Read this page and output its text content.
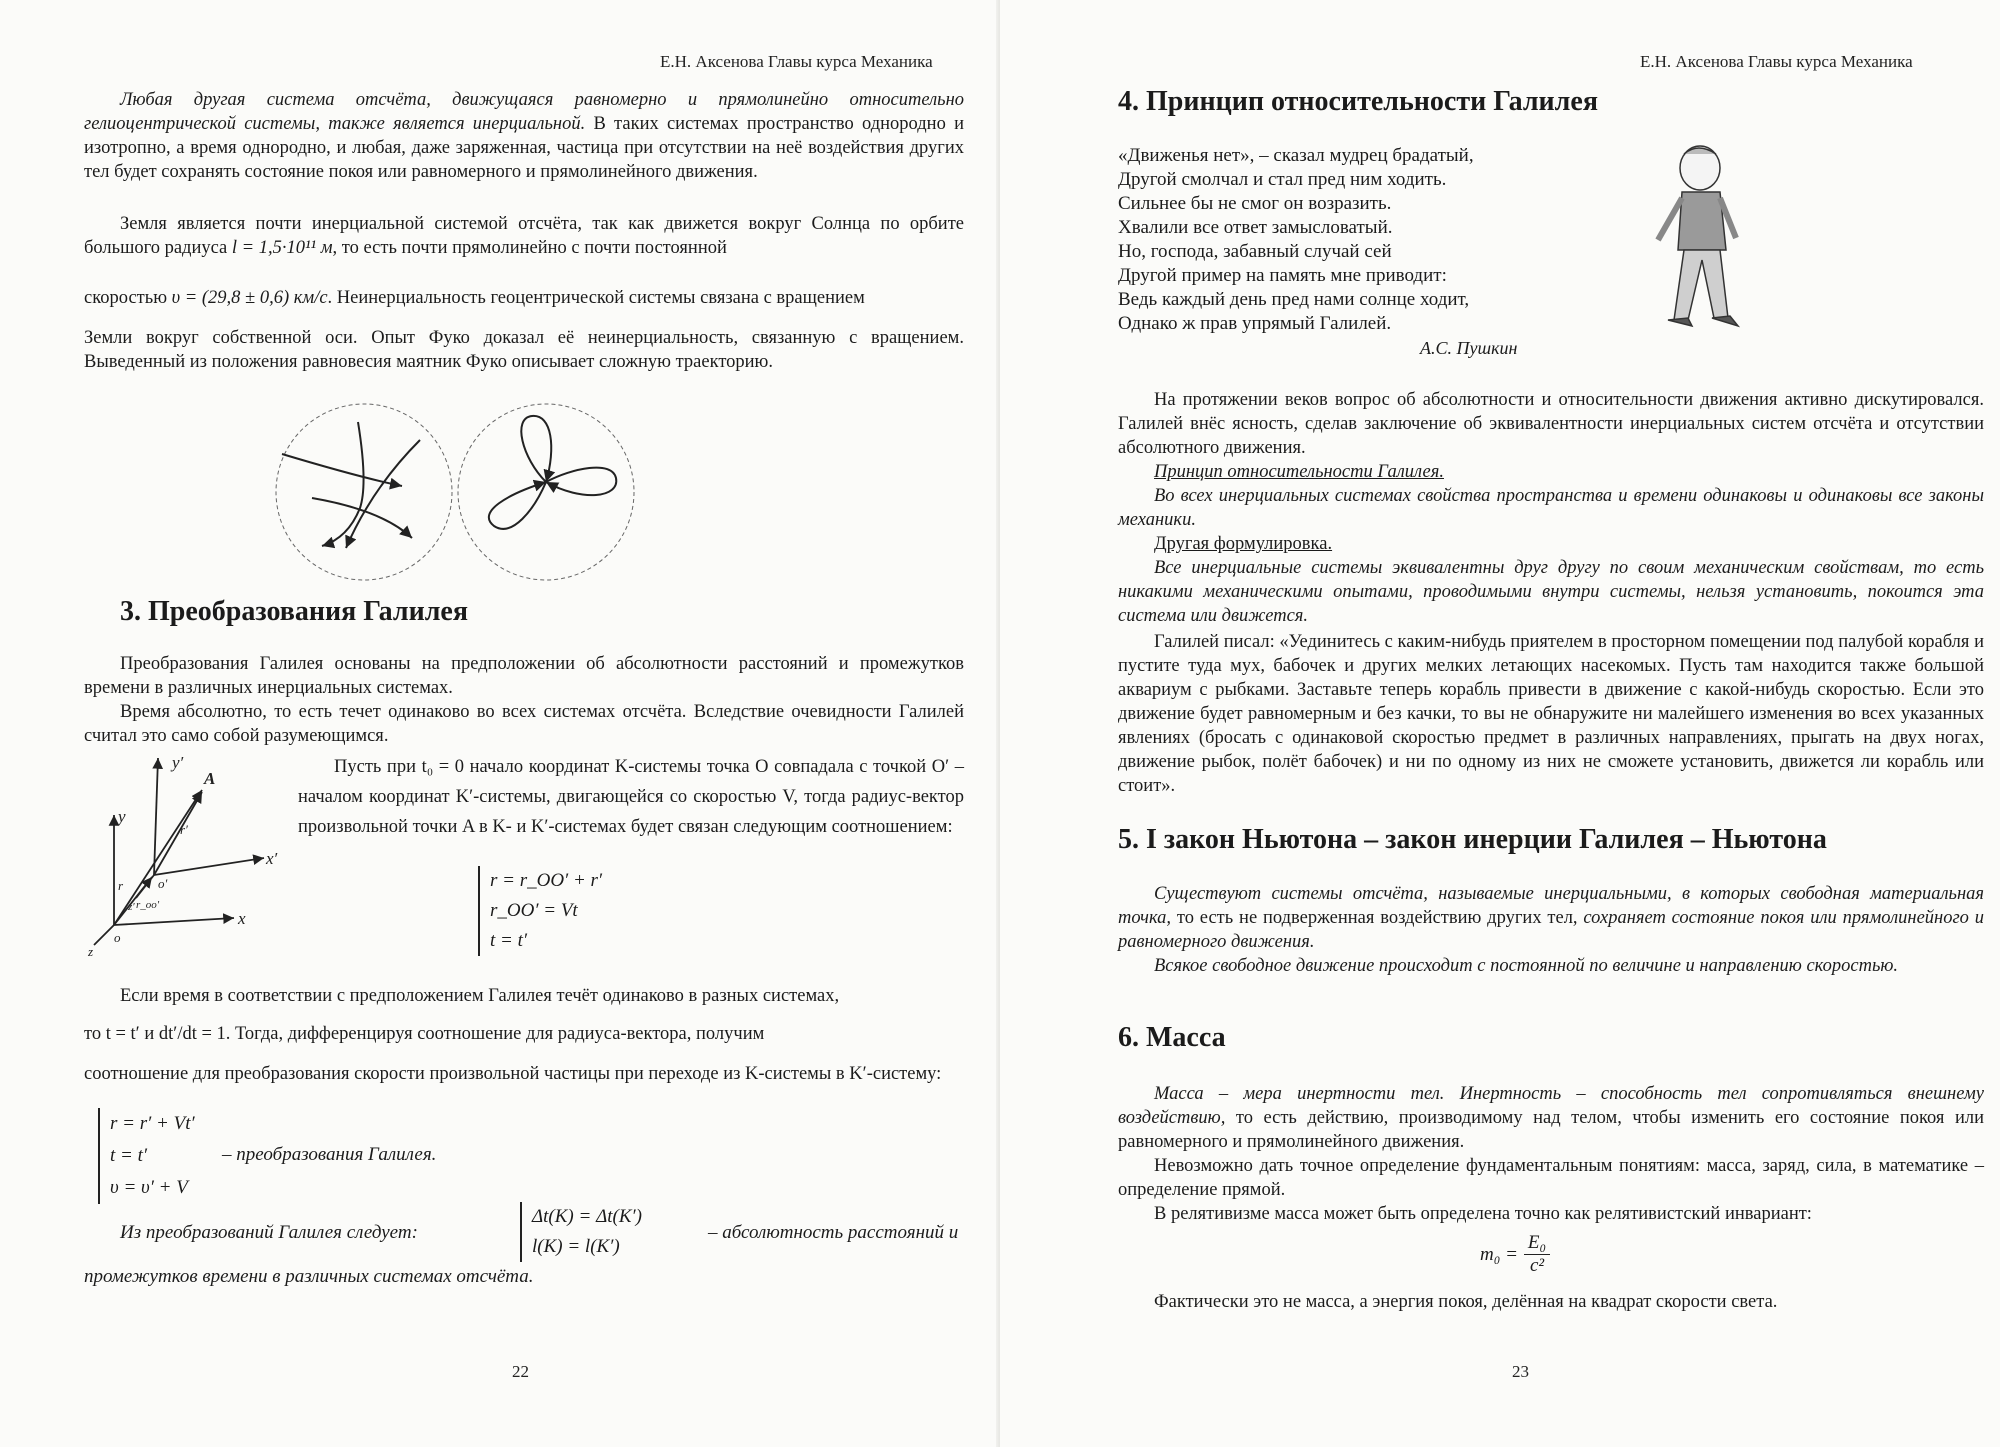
Е.Н. Аксенова Главы курса Механика
Любая другая система отсчёта, движущаяся равномерно и прямолинейно относительно гелиоцентрической системы, также является инерциальной. В таких системах пространство однородно и изотропно, а время однородно, и любая, даже заряженная, частица при отсутствии на неё воздействия других тел будет сохранять состояние покоя или равномерного и прямолинейного движения.
Земля является почти инерциальной системой отсчёта, так как движется вокруг Солнца по орбите большого радиуса l = 1,5·10¹¹ м, то есть почти прямолинейно с почти постоянной
скоростью υ = (29,8 ± 0,6) км/с. Неинерциальность геоцентрической системы связана с вращением
Земли вокруг собственной оси. Опыт Фуко доказал её неинерциальность, связанную с вращением. Выведенный из положения равновесия маятник Фуко описывает сложную траекторию.
3. Преобразования Галилея
Преобразования Галилея основаны на предположении об абсолютности расстояний и промежутков времени в различных инерциальных системах.
Время абсолютно, то есть течет одинаково во всех системах отсчёта. Вследствие очевидности Галилей считал это само собой разумеющимся.
y′
y
A
r′
r
r_oo′
o′
x′
x
o
z
z′
Пусть при t₀ = 0 начало координат K-системы точка O совпадала с точкой O′ – началом координат K′-системы, двигающейся со скоростью V, тогда радиус-вектор произвольной точки A в K- и K′-системах будет связан следующим соотношением:
r = r_OO′ + r′
r_OO′ = Vt
t = t′
Если время в соответствии с предположением Галилея течёт одинаково в разных системах,
то t = t′ и dt′/dt = 1. Тогда, дифференцируя соотношение для радиуса-вектора, получим
соотношение для преобразования скорости произвольной частицы при переходе из K-системы в K′-систему:
r = r′ + Vt′
t = t′
υ = υ′ + V
– преобразования Галилея.
Из преобразований Галилея следует:
Δt(K) = Δt(K′)
l(K) = l(K′)
– абсолютность расстояний и
промежутков времени в различных системах отсчёта.
22
Е.Н. Аксенова Главы курса Механика
4. Принцип относительности Галилея
«Движенья нет», – сказал мудрец брадатый,
Другой смолчал и стал пред ним ходить.
Сильнее бы не смог он возразить.
Хвалили все ответ замысловатый.
Но, господа, забавный случай сей
Другой пример на память мне приводит:
Ведь каждый день пред нами солнце ходит,
Однако ж прав упрямый Галилей.
А.С. Пушкин
На протяжении веков вопрос об абсолютности и относительности движения активно дискутировался. Галилей внёс ясность, сделав заключение об эквивалентности инерциальных систем отсчёта и отсутствии абсолютного движения.
Принцип относительности Галилея.
Во всех инерциальных системах свойства пространства и времени одинаковы и одинаковы все законы механики.
Другая формулировка.
Все инерциальные системы эквивалентны друг другу по своим механическим свойствам, то есть никакими механическими опытами, проводимыми внутри системы, нельзя установить, покоится эта система или движется.
Галилей писал: «Уединитесь с каким-нибудь приятелем в просторном помещении под палубой корабля и пустите туда мух, бабочек и других мелких летающих насекомых. Пусть там находится также большой аквариум с рыбками. Заставьте теперь корабль привести в движение с какой-нибудь скоростью. Если это движение будет равномерным и без качки, то вы не обнаружите ни малейшего изменения во всех указанных явлениях (бросать с одинаковой скоростью предмет в различных направлениях, прыгать на двух ногах, движение рыбок, полёт бабочек) и ни по одному из них не сможете установить, движется ли корабль или стоит».
5. I закон Ньютона – закон инерции Галилея – Ньютона
Существуют системы отсчёта, называемые инерциальными, в которых свободная материальная точка, то есть не подверженная воздействию других тел, сохраняет состояние покоя или прямолинейного и равномерного движения.
Всякое свободное движение происходит с постоянной по величине и направлению скоростью.
6. Масса
Масса – мера инертности тел. Инертность – способность тел сопротивляться внешнему воздействию, то есть действию, производимому над телом, чтобы изменить его состояние покоя или равномерного и прямолинейного движения.
Невозможно дать точное определение фундаментальным понятиям: масса, заряд, сила, в математике – определение прямой.
В релятивизме масса может быть определена точно как релятивистский инвариант:
$m_0 = \frac{\text{E₀}}{\text{c²}}$
Фактически это не масса, а энергия покоя, делённая на квадрат скорости света.
23
